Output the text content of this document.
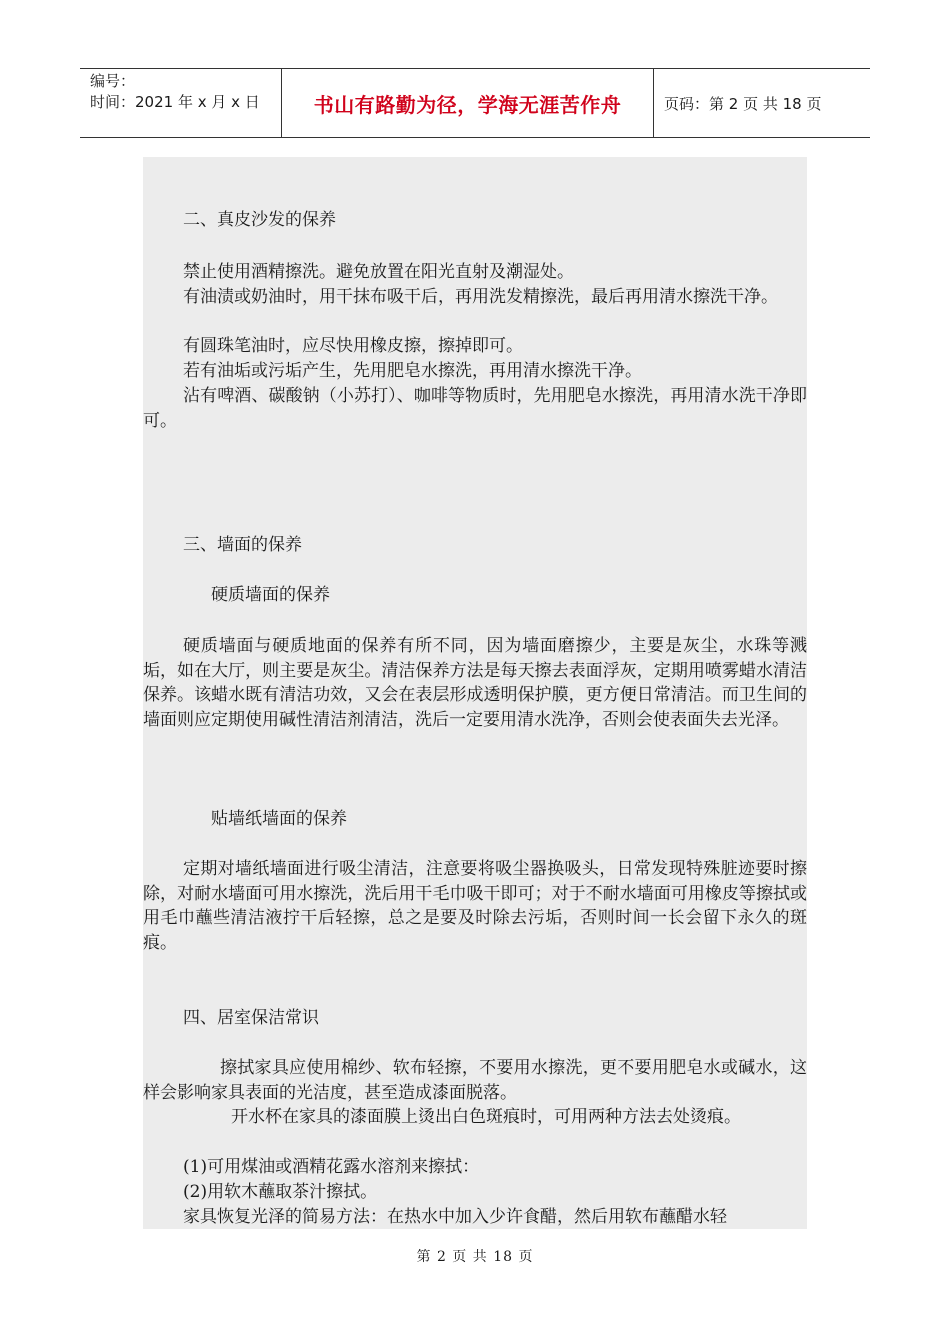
编号：
时间：2021 年 x 月 x 日	书山有路勤为径，学海无涯苦作舟	页码：第 2 页 共 18 页

二、真皮沙发的保养

禁止使用酒精擦洗。避免放置在阳光直射及潮湿处。

有油渍或奶油时，用干抹布吸干后，再用洗发精擦洗，最后再用清水擦洗干净。

有圆珠笔油时，应尽快用橡皮擦，擦掉即可。

若有油垢或污垢产生，先用肥皂水擦洗，再用清水擦洗干净。

沾有啤酒、碳酸钠（小苏打）、咖啡等物质时，先用肥皂水擦洗，再用清水洗干净即可。

三、墙面的保养

硬质墙面的保养

硬质墙面与硬质地面的保养有所不同，因为墙面磨擦少，主要是灰尘，水珠等溅垢，如在大厅，则主要是灰尘。清洁保养方法是每天擦去表面浮灰，定期用喷雾蜡水清洁保养。该蜡水既有清洁功效，又会在表层形成透明保护膜，更方便日常清洁。而卫生间的墙面则应定期使用碱性清洁剂清洁，洗后一定要用清水洗净，否则会使表面失去光泽。

贴墙纸墙面的保养

定期对墙纸墙面进行吸尘清洁，注意要将吸尘器换吸头，日常发现特殊脏迹要时擦除，对耐水墙面可用水擦洗，洗后用干毛巾吸干即可；对于不耐水墙面可用橡皮等擦拭或用毛巾蘸些清洁液拧干后轻擦，总之是要及时除去污垢，否则时间一长会留下永久的斑痕。

四、居室保洁常识

擦拭家具应使用棉纱、软布轻擦，不要用水擦洗，更不要用肥皂水或碱水，这样会影响家具表面的光洁度，甚至造成漆面脱落。

开水杯在家具的漆面膜上烫出白色斑痕时，可用两种方法去处烫痕。

(1)可用煤油或酒精花露水溶剂来擦拭：

(2)用软木蘸取茶汁擦拭。

家具恢复光泽的简易方法：在热水中加入少许食醋，然后用软布蘸醋水轻

第 2 页 共 18 页
